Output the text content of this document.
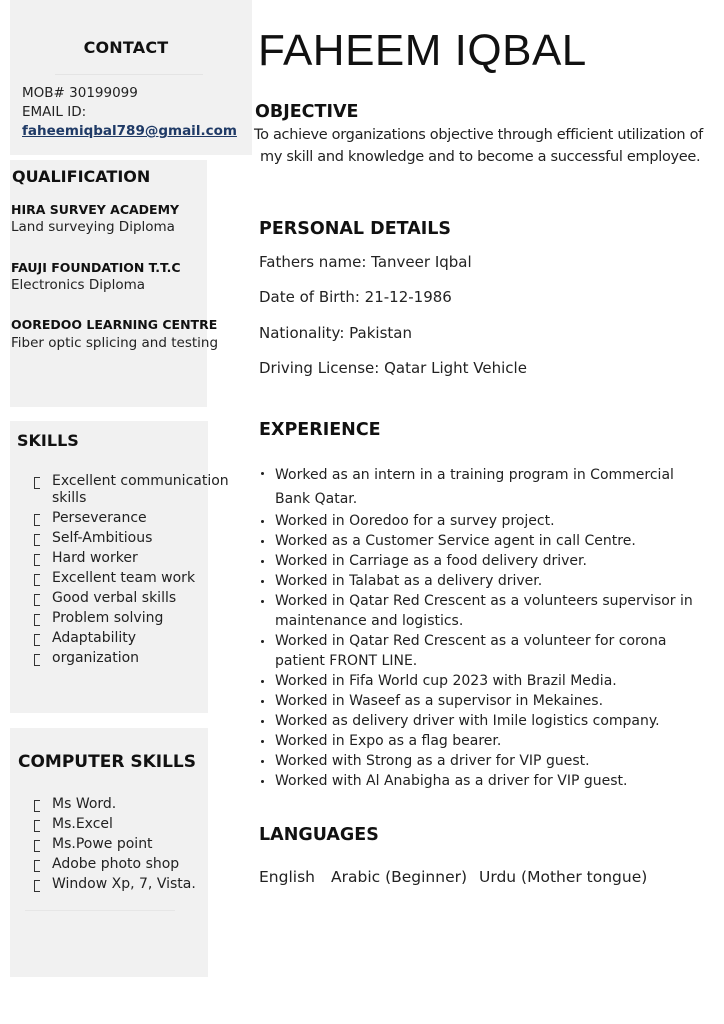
CONTACT
MOB# 30199099
EMAIL ID:
faheemiqbal789@gmail.com
QUALIFICATION
HIRA SURVEY ACADEMY
Land surveying Diploma
FAUJI FOUNDATION T.T.C
Electronics Diploma
OOREDOO LEARNING CENTRE
Fiber optic splicing and testing
SKILLS
Excellent communication skills
Perseverance
Self-Ambitious
Hard worker
Excellent team work
Good verbal skills
Problem solving
Adaptability
organization
COMPUTER SKILLS
Ms Word.
Ms.Excel
Ms.Powe point
Adobe photo shop
Window Xp, 7, Vista.
FAHEEM IQBAL
OBJECTIVE
To achieve organizations objective through efficient utilization of
my skill and knowledge and to become a successful employee.
PERSONAL DETAILS
Fathers name: Tanveer Iqbal
Date of Birth: 21-12-1986
Nationality: Pakistan
Driving License: Qatar Light Vehicle
EXPERIENCE
Worked as an intern in a training program in Commercial Bank Qatar.
Worked in Ooredoo for a survey project.
Worked as a Customer Service agent in call Centre.
Worked in Carriage as a food delivery driver.
Worked in Talabat as a delivery driver.
Worked in Qatar Red Crescent as a volunteers supervisor in maintenance and logistics.
Worked in Qatar Red Crescent as a volunteer for corona patient FRONT LINE.
Worked in Fifa World cup 2023 with Brazil Media.
Worked in Waseef as a supervisor in Mekaines.
Worked as delivery driver with Imile logistics company.
Worked in Expo as a flag bearer.
Worked with Strong as a driver for VIP guest.
Worked with Al Anabigha as a driver for VIP guest.
LANGUAGES
English Arabic (Beginner) Urdu (Mother tongue)
